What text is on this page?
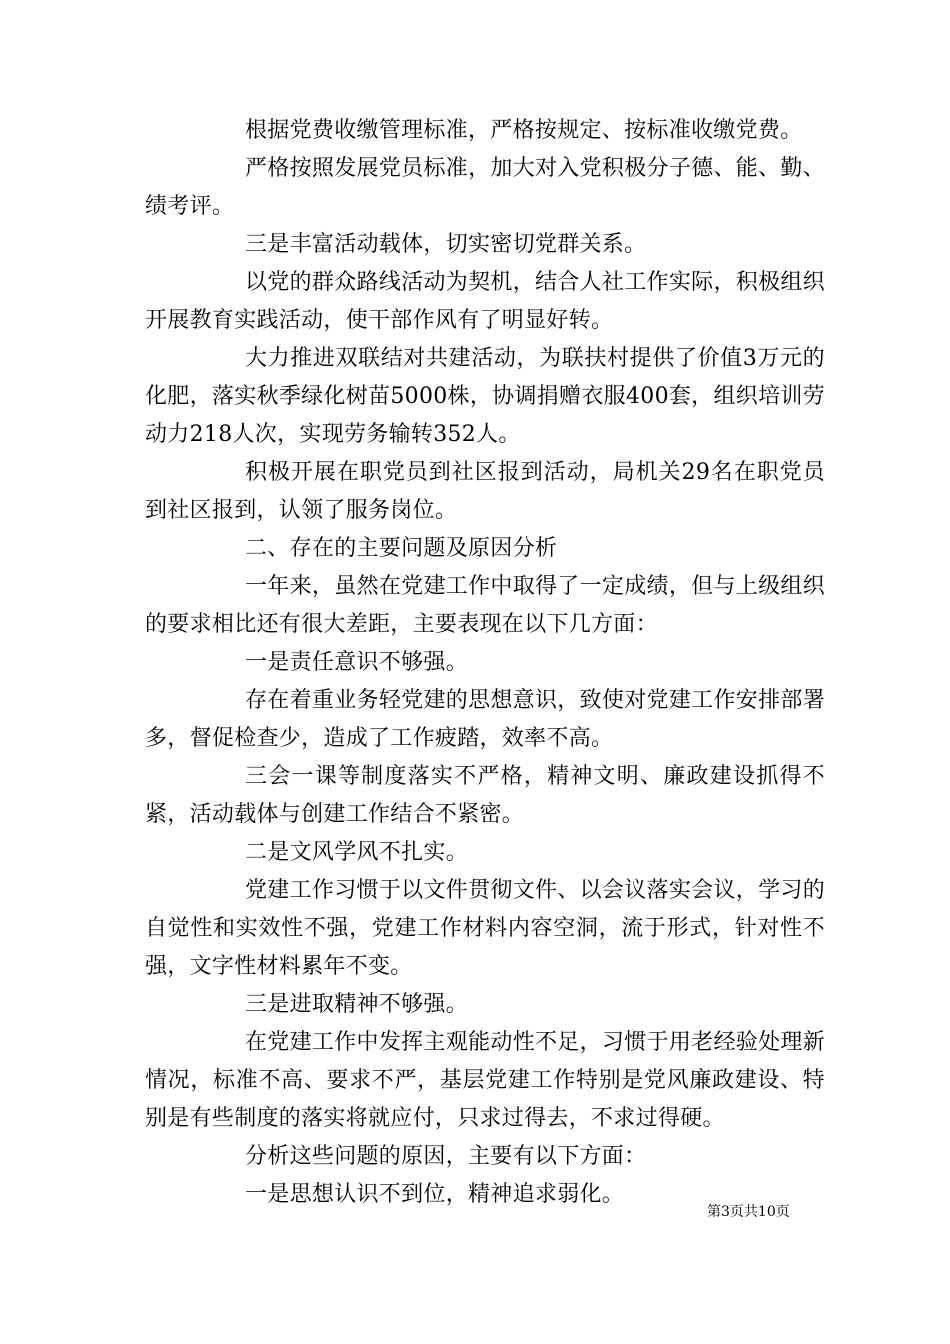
根据党费收缴管理标准，严格按规定、按标准收缴党费。

严格按照发展党员标准，加大对入党积极分子德、能、勤、绩考评。

三是丰富活动载体，切实密切党群关系。

以党的群众路线活动为契机，结合人社工作实际，积极组织开展教育实践活动，使干部作风有了明显好转。

大力推进双联结对共建活动，为联扶村提供了价值3万元的化肥，落实秋季绿化树苗5000株，协调捐赠衣服400套，组织培训劳动力218人次，实现劳务输转352人。

积极开展在职党员到社区报到活动，局机关29名在职党员到社区报到，认领了服务岗位。

二、存在的主要问题及原因分析

一年来，虽然在党建工作中取得了一定成绩，但与上级组织的要求相比还有很大差距，主要表现在以下几方面：

一是责任意识不够强。

存在着重业务轻党建的思想意识，致使对党建工作安排部署多，督促检查少，造成了工作疲踏，效率不高。

三会一课等制度落实不严格，精神文明、廉政建设抓得不紧，活动载体与创建工作结合不紧密。

二是文风学风不扎实。

党建工作习惯于以文件贯彻文件、以会议落实会议，学习的自觉性和实效性不强，党建工作材料内容空洞，流于形式，针对性不强，文字性材料累年不变。

三是进取精神不够强。

在党建工作中发挥主观能动性不足，习惯于用老经验处理新情况，标准不高、要求不严，基层党建工作特别是党风廉政建设、特别是有些制度的落实将就应付，只求过得去，不求过得硬。

分析这些问题的原因，主要有以下方面：

一是思想认识不到位，精神追求弱化。

第3页共10页
